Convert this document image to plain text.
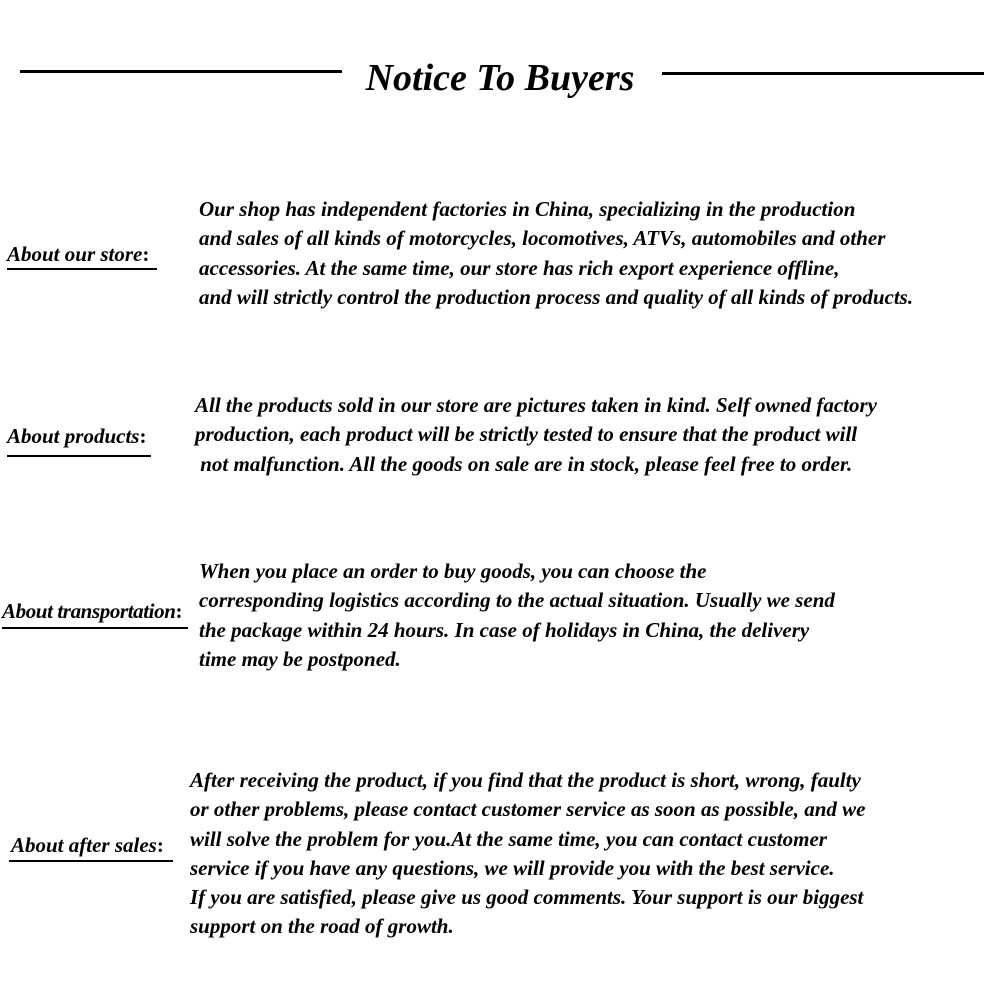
Notice To Buyers
About our store:
Our shop has independent factories in China, specializing in the production
and sales of all kinds of motorcycles, locomotives, ATVs, automobiles and other
accessories. At the same time, our store has rich export experience offline,
and will strictly control the production process and quality of all kinds of products.
About products:
All the products sold in our store are pictures taken in kind. Self owned factory
production, each product will be strictly tested to ensure that the product will
not malfunction. All the goods on sale are in stock, please feel free to order.
About transportation:
When you place an order to buy goods, you can choose the
corresponding logistics according to the actual situation. Usually we send
the package within 24 hours. In case of holidays in China, the delivery
time may be postponed.
About after sales:
After receiving the product, if you find that the product is short, wrong, faulty
or other problems, please contact customer service as soon as possible, and we
will solve the problem for you.At the same time, you can contact customer
service if you have any questions, we will provide you with the best service.
If you are satisfied, please give us good comments. Your support is our biggest
support on the road of growth.
